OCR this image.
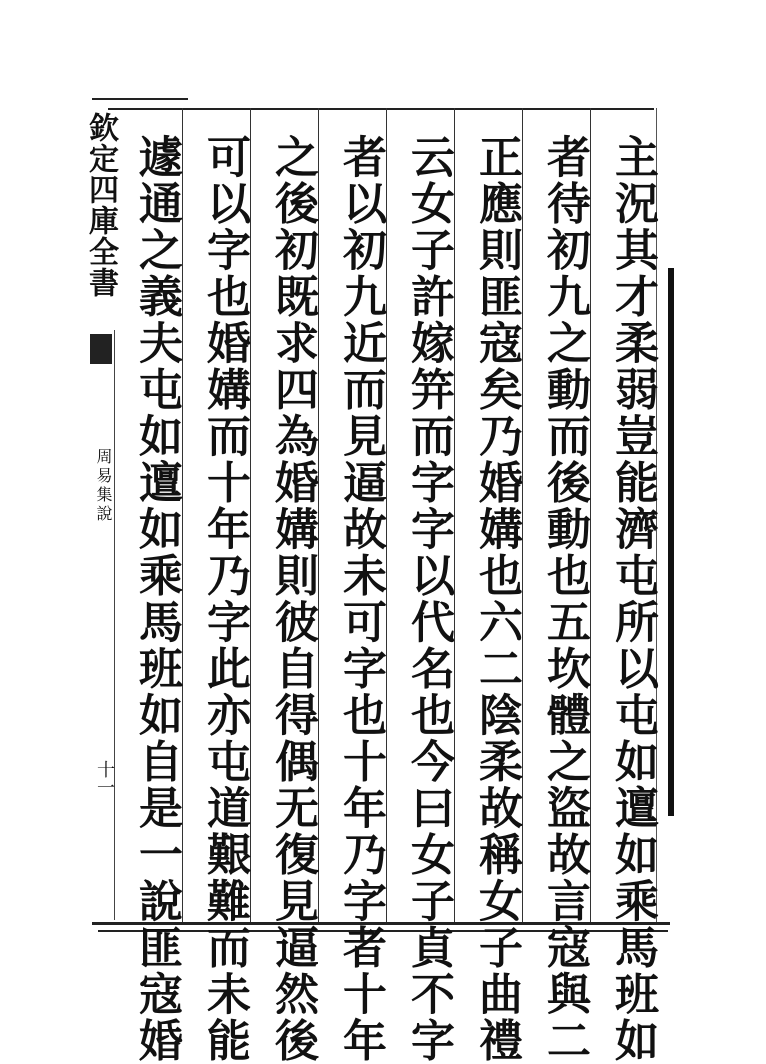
欽定四庫全書
周易集說
十一	主況其才柔弱豈能濟屯所以屯如邅如乘馬班如
者待初九之動而後動也五坎體之盜故言寇與二
正應則匪寇矣乃婚媾也六二陰柔故稱女子曲禮
云女子許嫁笄而字字以代名也今曰女子貞不字
者以初九近而見逼故未可字也十年乃字者十年
之後初既求四為婚媾則彼自得偶无復見逼然後
可以字也婚媾而十年乃字此亦屯道艱難而未能
遽通之義夫屯如邅如乘馬班如自是一說匪寇婚
